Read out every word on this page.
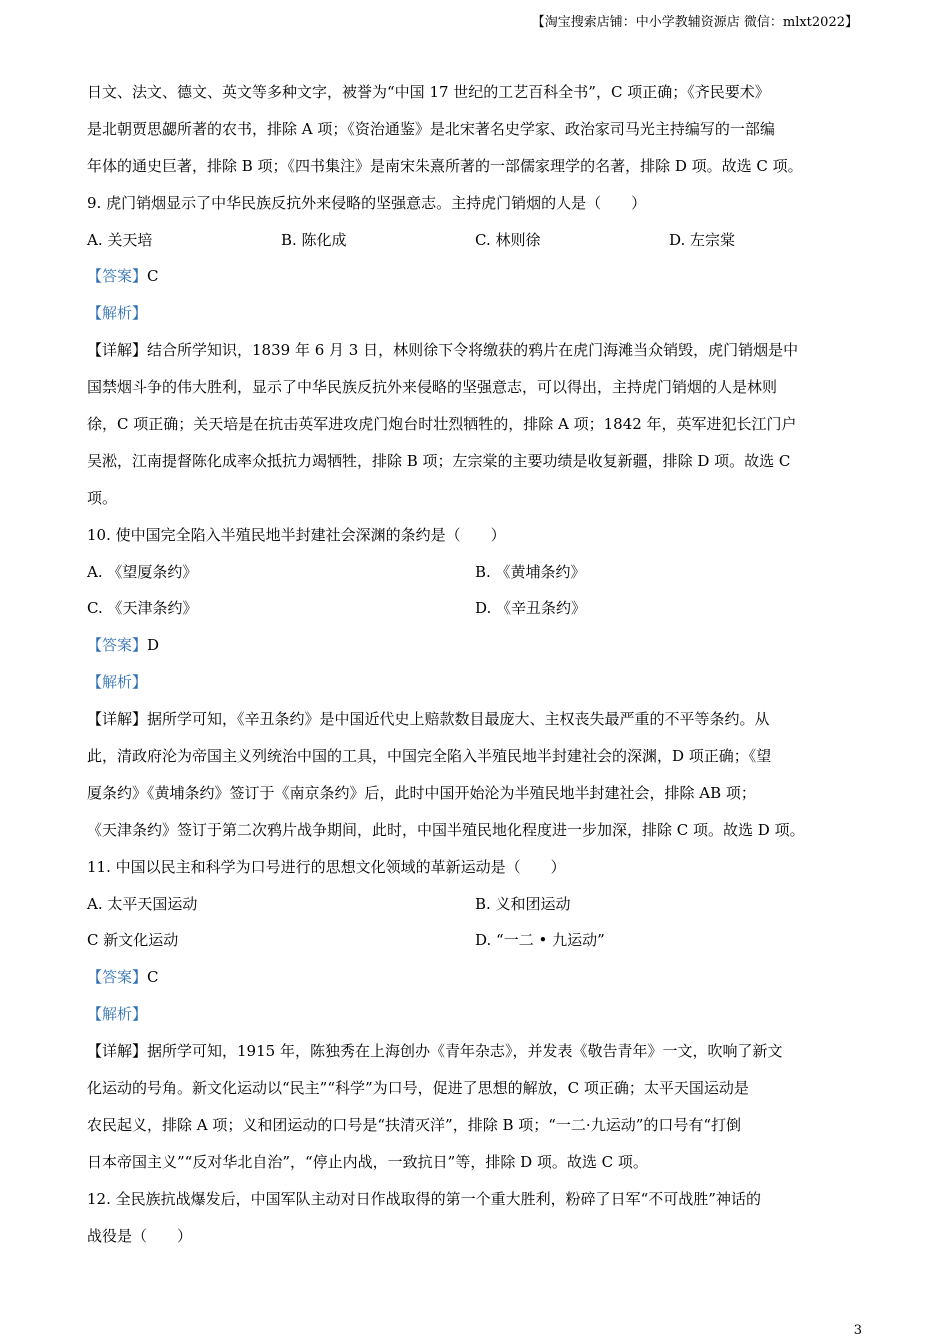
【淘宝搜索店铺：中小学教辅资源店 微信：mlxt2022】
日文、法文、德文、英文等多种文字，被誉为“中国 17 世纪的工艺百科全书”，C 项正确；《齐民要术》
是北朝贾思勰所著的农书，排除 A 项；《资治通鉴》是北宋著名史学家、政治家司马光主持编写的一部编
年体的通史巨著，排除 B 项；《四书集注》是南宋朱熹所著的一部儒家理学的名著，排除 D 项。故选 C 项。
9. 虎门销烟显示了中华民族反抗外来侵略的坚强意志。主持虎门销烟的人是（　　）
A. 关天培	B. 陈化成	C. 林则徐	D. 左宗棠
【答案】C
【解析】
【详解】结合所学知识，1839 年 6 月 3 日，林则徐下令将缴获的鸦片在虎门海滩当众销毁，虎门销烟是中
国禁烟斗争的伟大胜利，显示了中华民族反抗外来侵略的坚强意志，可以得出，主持虎门销烟的人是林则
徐，C 项正确；关天培是在抗击英军进攻虎门炮台时壮烈牺牲的，排除 A 项；1842 年，英军进犯长江门户
吴淞，江南提督陈化成率众抵抗力竭牺牲，排除 B 项；左宗棠的主要功绩是收复新疆，排除 D 项。故选 C
项。
10. 使中国完全陷入半殖民地半封建社会深渊的条约是（　　）
A. 《望厦条约》	B. 《黄埔条约》
C. 《天津条约》	D. 《辛丑条约》
【答案】D
【解析】
【详解】据所学可知，《辛丑条约》是中国近代史上赔款数目最庞大、主权丧失最严重的不平等条约。从
此，清政府沦为帝国主义列统治中国的工具，中国完全陷入半殖民地半封建社会的深渊，D 项正确；《望
厦条约》《黄埔条约》签订于《南京条约》后，此时中国开始沦为半殖民地半封建社会，排除 AB 项；
《天津条约》签订于第二次鸦片战争期间，此时，中国半殖民地化程度进一步加深，排除 C 项。故选 D 项。
11. 中国以民主和科学为口号进行的思想文化领域的革新运动是（　　）
A. 太平天国运动	B. 义和团运动
C 新文化运动	D. “一二 • 九运动”
【答案】C
【解析】
【详解】据所学可知，1915 年，陈独秀在上海创办《青年杂志》，并发表《敬告青年》一文，吹响了新文
化运动的号角。新文化运动以“民主”“科学”为口号，促进了思想的解放，C 项正确；太平天国运动是
农民起义，排除 A 项；义和团运动的口号是“扶清灭洋”，排除 B 项；“一二·九运动”的口号有“打倒
日本帝国主义”“反对华北自治”，“停止内战，一致抗日”等，排除 D 项。故选 C 项。
12. 全民族抗战爆发后，中国军队主动对日作战取得的第一个重大胜利，粉碎了日军“不可战胜”神话的
战役是（　　）
3
